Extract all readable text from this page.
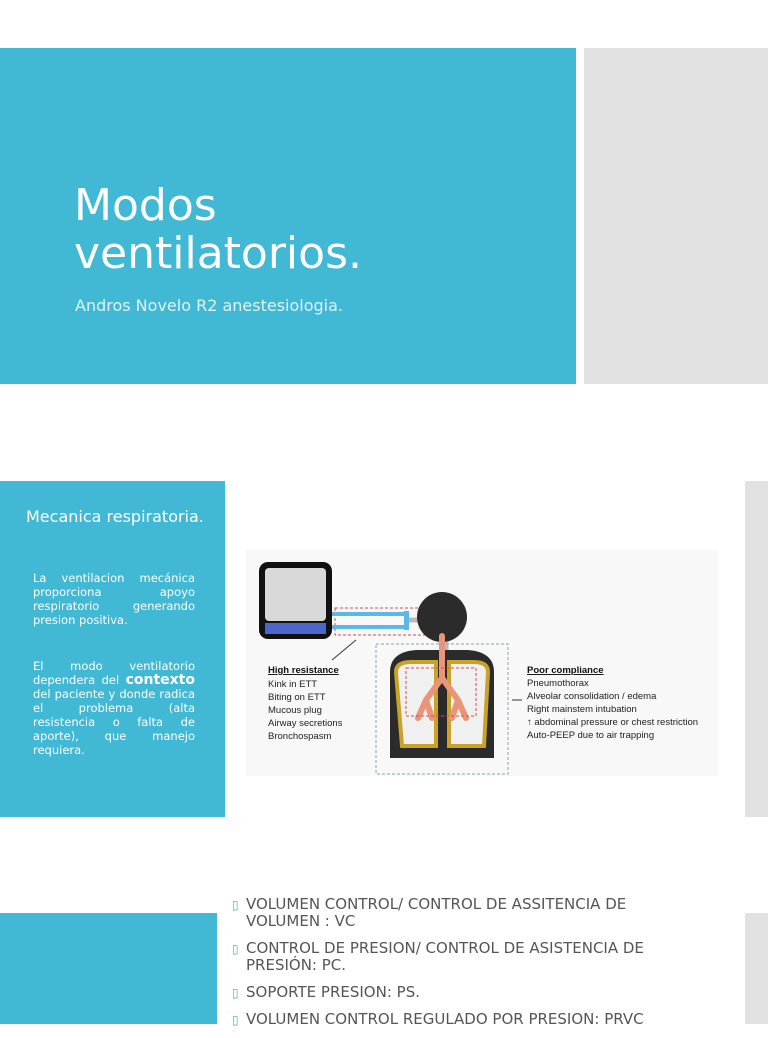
Modos
ventilatorios.
Andros Novelo R2 anestesiologia.
Mecanica respiratoria.
La ventilacion mecánica proporciona apoyo respiratorio generando presion positiva.
El modo ventilatorio dependera del contexto del paciente y donde radica el problema (alta resistencia o falta de aporte), que manejo requiera.
High resistance
Kink in ETT
Biting on ETT
Mucous plug
Airway secretions
Bronchospasm
Poor compliance
Pneumothorax
Alveolar consolidation / edema
Right mainstem intubation
↑ abdominal pressure or chest restriction
Auto-PEEP due to air trapping
▯ VOLUMEN CONTROL/ CONTROL DE ASSITENCIA DE VOLUMEN : VC
▯ CONTROL DE PRESION/ CONTROL DE ASISTENCIA DE PRESIÓN: PC.
▯ SOPORTE PRESION: PS.
▯ VOLUMEN CONTROL REGULADO POR PRESION: PRVC
